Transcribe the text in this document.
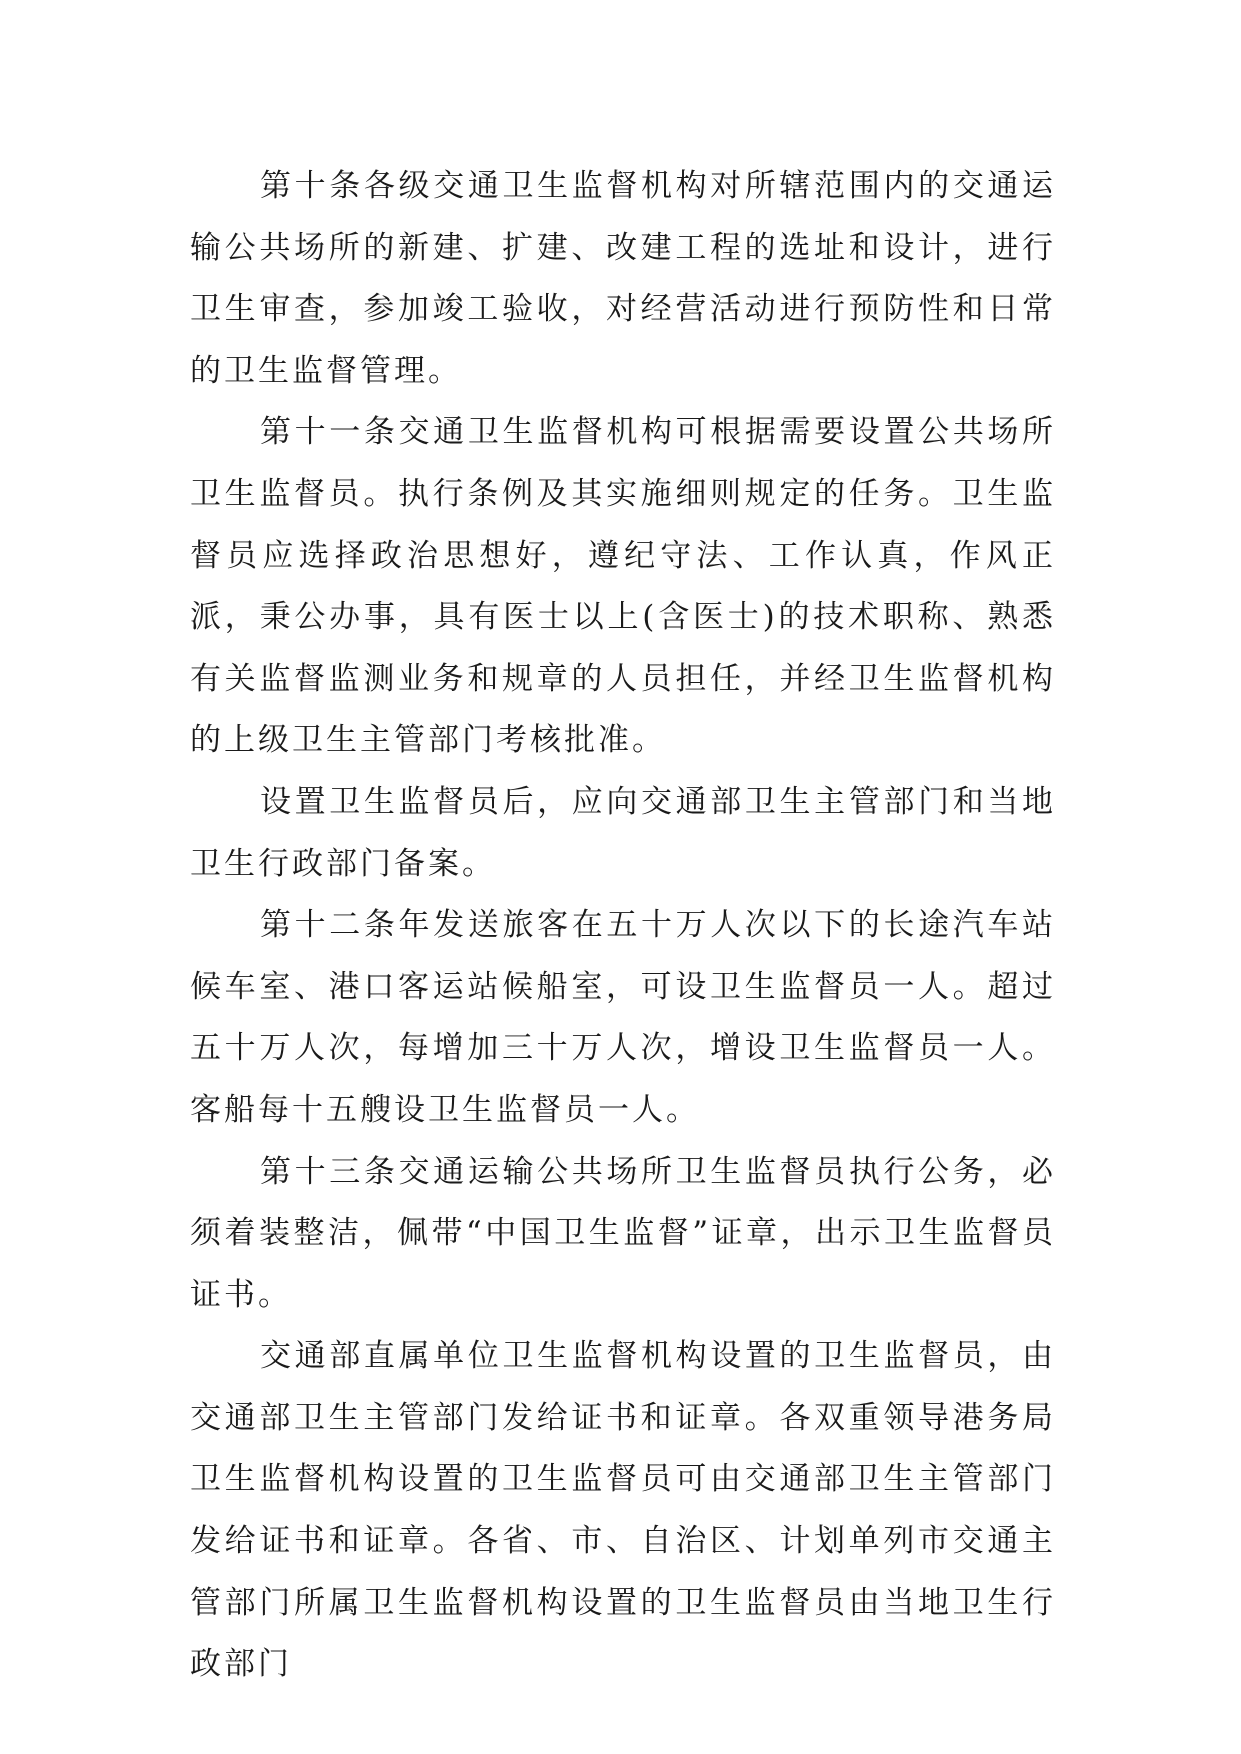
第十条各级交通卫生监督机构对所辖范围内的交通运输公共场所的新建、扩建、改建工程的选址和设计，进行卫生审查，参加竣工验收，对经营活动进行预防性和日常的卫生监督管理。

第十一条交通卫生监督机构可根据需要设置公共场所卫生监督员。执行条例及其实施细则规定的任务。卫生监督员应选择政治思想好，遵纪守法、工作认真，作风正派，秉公办事，具有医士以上(含医士)的技术职称、熟悉有关监督监测业务和规章的人员担任，并经卫生监督机构的上级卫生主管部门考核批准。

设置卫生监督员后，应向交通部卫生主管部门和当地卫生行政部门备案。

第十二条年发送旅客在五十万人次以下的长途汽车站候车室、港口客运站候船室，可设卫生监督员一人。超过五十万人次，每增加三十万人次，增设卫生监督员一人。客船每十五艘设卫生监督员一人。

第十三条交通运输公共场所卫生监督员执行公务，必须着装整洁，佩带“中国卫生监督”证章，出示卫生监督员证书。

交通部直属单位卫生监督机构设置的卫生监督员，由交通部卫生主管部门发给证书和证章。各双重领导港务局卫生监督机构设置的卫生监督员可由交通部卫生主管部门发给证书和证章。各省、市、自治区、计划单列市交通主管部门所属卫生监督机构设置的卫生监督员由当地卫生行政部门
